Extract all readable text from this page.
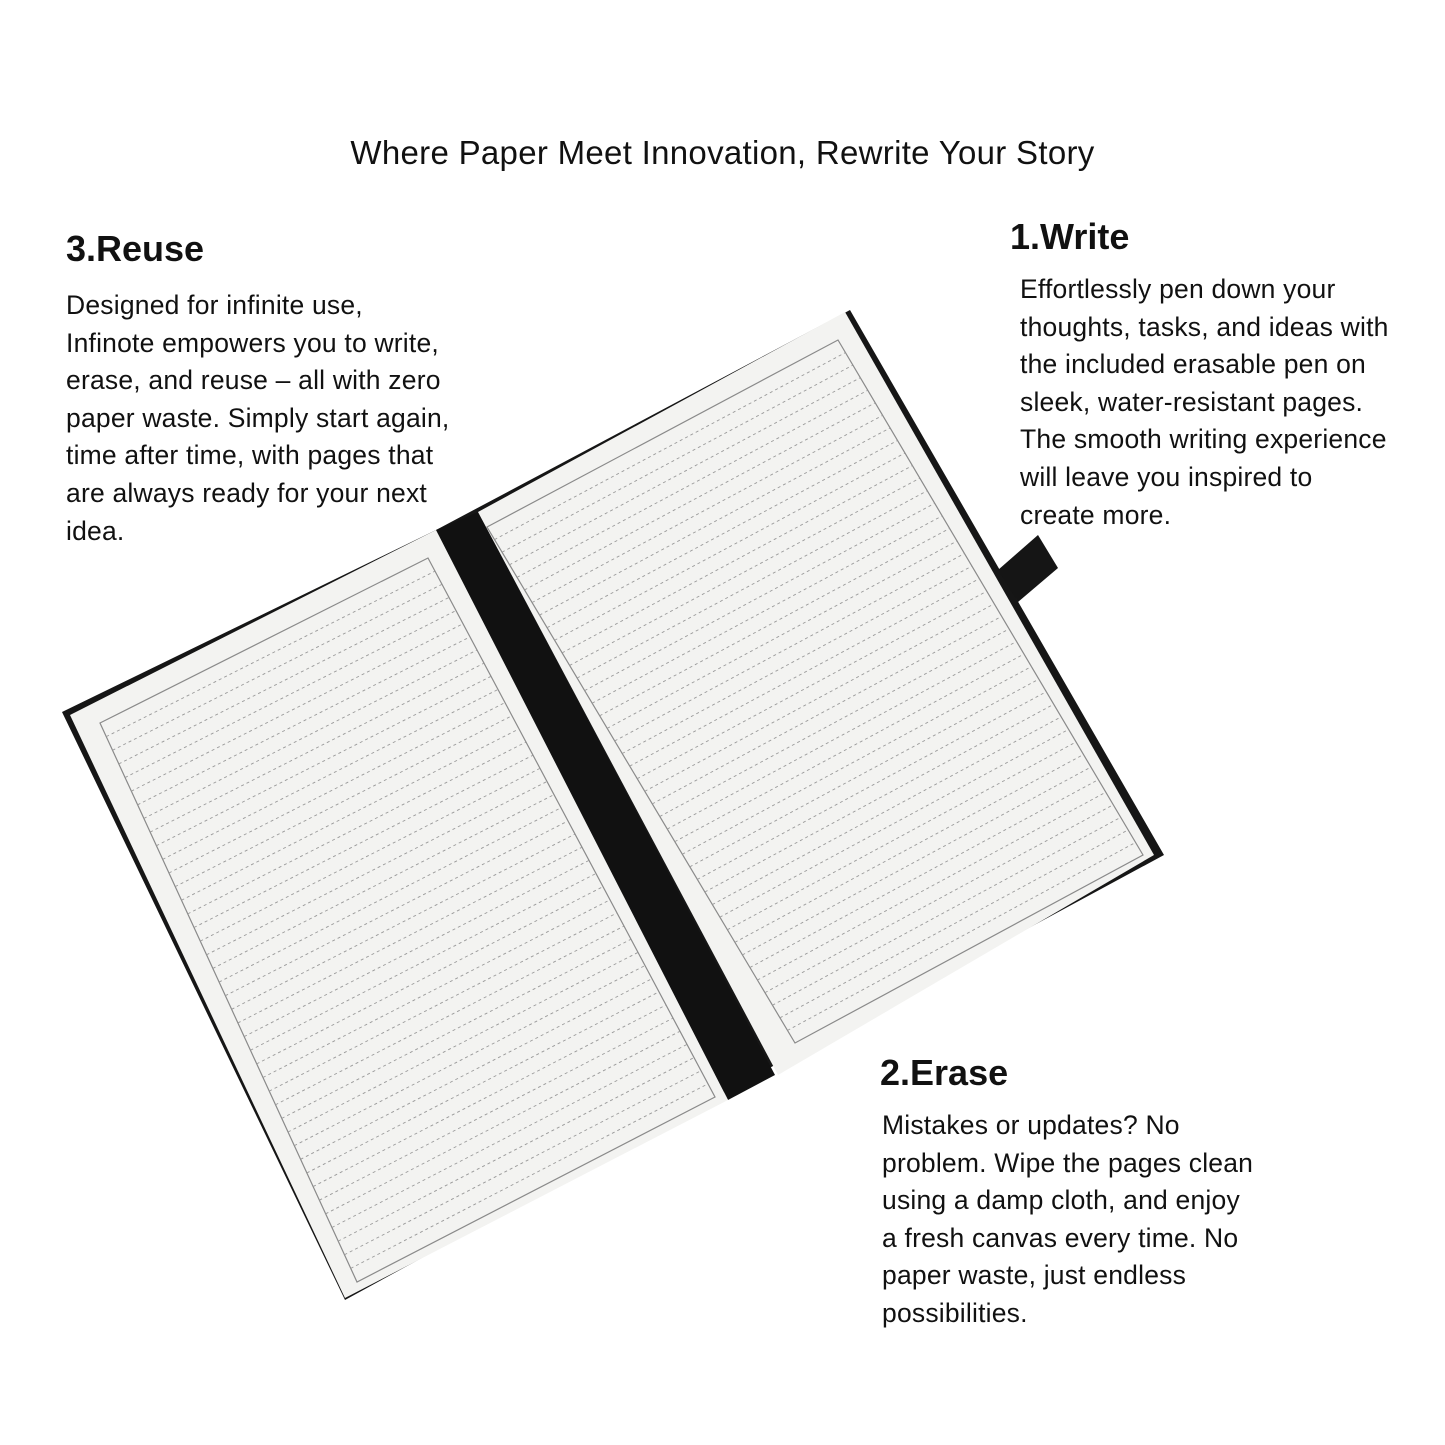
Where Paper Meet Innovation, Rewrite Your Story
3.Reuse

Designed for infinite use,
Infinote empowers you to write,
erase, and reuse – all with zero
paper waste. Simply start again,
time after time, with pages that
are always ready for your next
idea.

1.Write

Effortlessly pen down your
thoughts, tasks, and ideas with
the included erasable pen on
sleek, water-resistant pages.
The smooth writing experience
will leave you inspired to
create more.

2.Erase

Mistakes or updates? No
problem. Wipe the pages clean
using a damp cloth, and enjoy
a fresh canvas every time. No
paper waste, just endless
possibilities.
